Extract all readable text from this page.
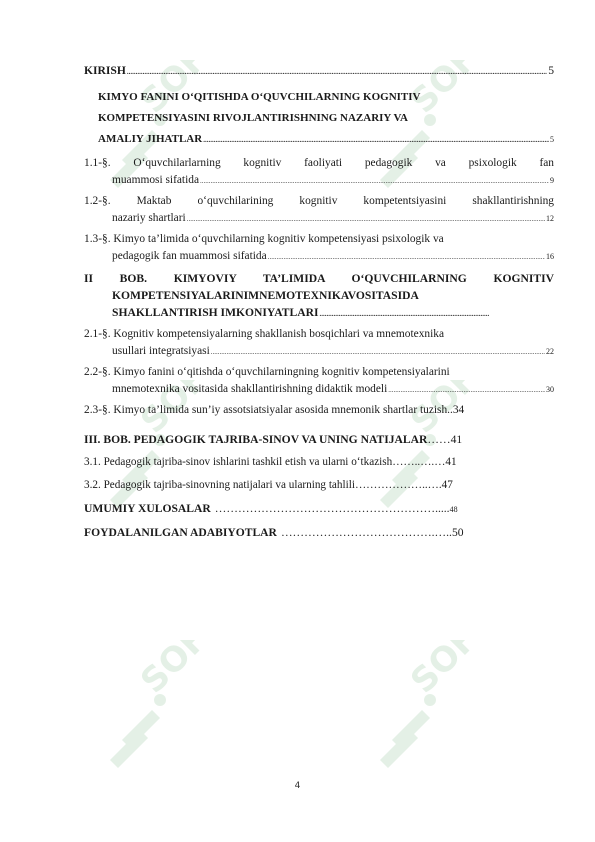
SOFF	SOFF
SOFF	SOFF
SOFF	SOFF
KIRISH .....	5
KIMYO FANINI O‘QITISHDA O‘QUVCHILARNING KOGNITIV
KOMPETENSIYASINI RIVOJLANTIRISHNING NAZARIY VA
AMALIY JIHATLAR .....	5
1.1-§. O‘quvchilarlarning kognitiv faoliyati pedagogik va psixologik fan
muammosi sifatida .....	9
1.2-§. Maktab o‘quvchilarining kognitiv kompetentsiyasini shakllantirishning
nazariy shartlari .....	12
1.3-§. Kimyo ta’limida o‘quvchilarning kognitiv kompetensiyasi psixologik va
pedagogik fan muammosi sifatida .....	16
II BOB. KIMYOVIY TA’LIMIDA O‘QUVCHILARNING KOGNITIV
KOMPETENSIYALARINIMNEMOTEXNIKAVOSITASIDA
SHAKLLANTIRISH IMKONIYATLARI
.....
2.1-§. Kognitiv kompetensiyalarning shakllanish bosqichlari va mnemotexnika
usullari integratsiyasi .....	22
2.2-§. Kimyo fanini o‘qitishda o‘quvchilarningning kognitiv kompetensiyalarini
mnemotexnika vositasida shakllantirishning didaktik modeli .....	30
2.3-§. Kimyo ta’limida sun’iy assotsiatsiyalar asosida mnemonik shartlar tuzish..34
III. BOB. PEDAGOGIK TAJRIBA-SINOV VA UNING NATIJALAR …… 41
3.1. Pedagogik tajriba-sinov ishlarini tashkil etish va ularni o‘tkazish ……..….… 41
3.2. Pedagogik tajriba-sinovning natijalari va ularning tahlili ………………..…. 47
UMUMIY XULOSALAR …………………………………………………..... 48
FOYDALANILGAN ADABIYOTLAR ………………………………….….. 50
4
